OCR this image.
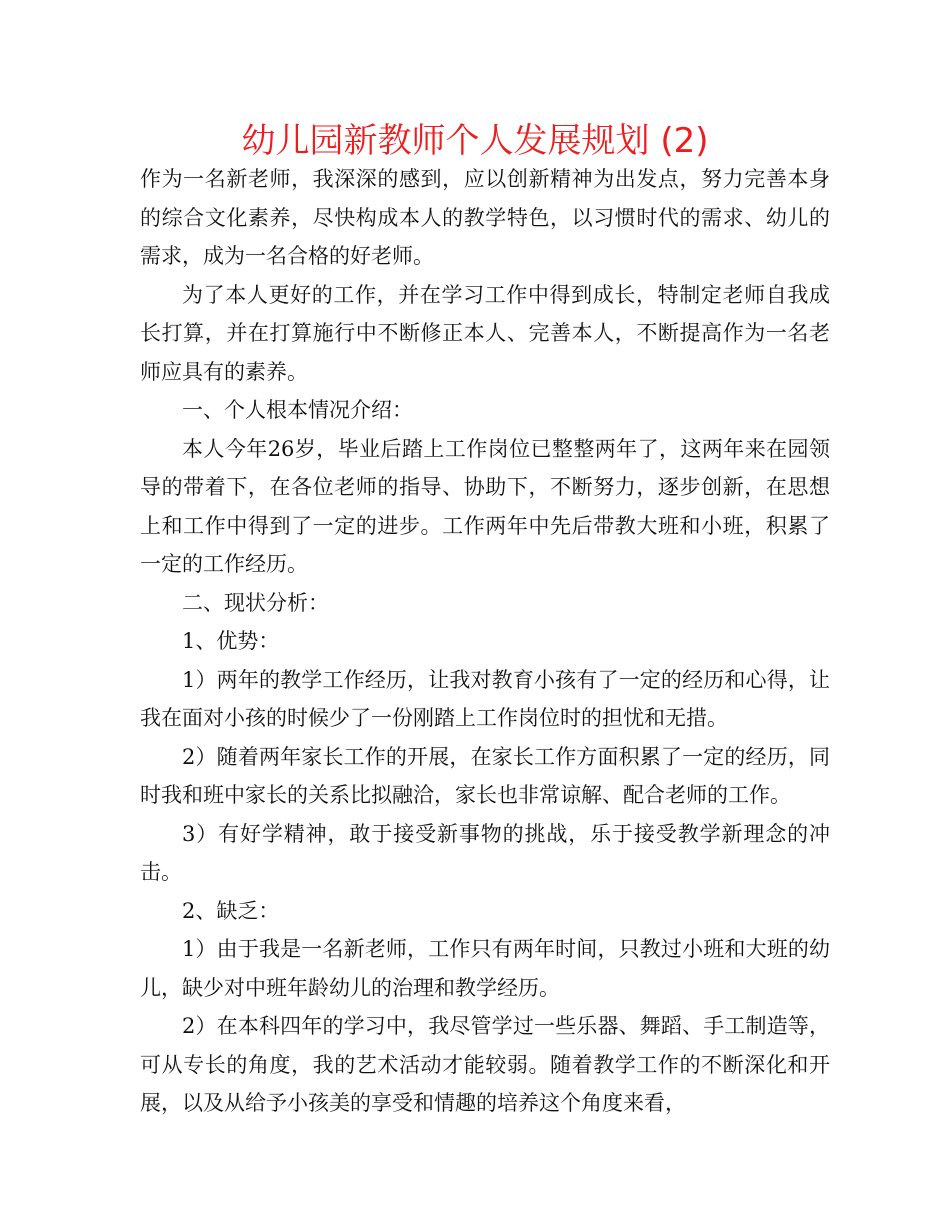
幼儿园新教师个人发展规划 (2)

作为一名新老师，我深深的感到，应以创新精神为出发点，努力完善本身的综合文化素养，尽快构成本人的教学特色，以习惯时代的需求、幼儿的需求，成为一名合格的好老师。

为了本人更好的工作，并在学习工作中得到成长，特制定老师自我成长打算，并在打算施行中不断修正本人、完善本人，不断提高作为一名老师应具有的素养。

一、个人根本情况介绍：

本人今年26岁，毕业后踏上工作岗位已整整两年了，这两年来在园领导的带着下，在各位老师的指导、协助下，不断努力，逐步创新，在思想上和工作中得到了一定的进步。工作两年中先后带教大班和小班，积累了一定的工作经历。

二、现状分析：

1、优势：

1）两年的教学工作经历，让我对教育小孩有了一定的经历和心得，让我在面对小孩的时候少了一份刚踏上工作岗位时的担忧和无措。

2）随着两年家长工作的开展，在家长工作方面积累了一定的经历，同时我和班中家长的关系比拟融洽，家长也非常谅解、配合老师的工作。

3）有好学精神，敢于接受新事物的挑战，乐于接受教学新理念的冲击。

2、缺乏：

1）由于我是一名新老师，工作只有两年时间，只教过小班和大班的幼儿，缺少对中班年龄幼儿的治理和教学经历。

2）在本科四年的学习中，我尽管学过一些乐器、舞蹈、手工制造等，可从专长的角度，我的艺术活动才能较弱。随着教学工作的不断深化和开展，以及从给予小孩美的享受和情趣的培养这个角度来看，
